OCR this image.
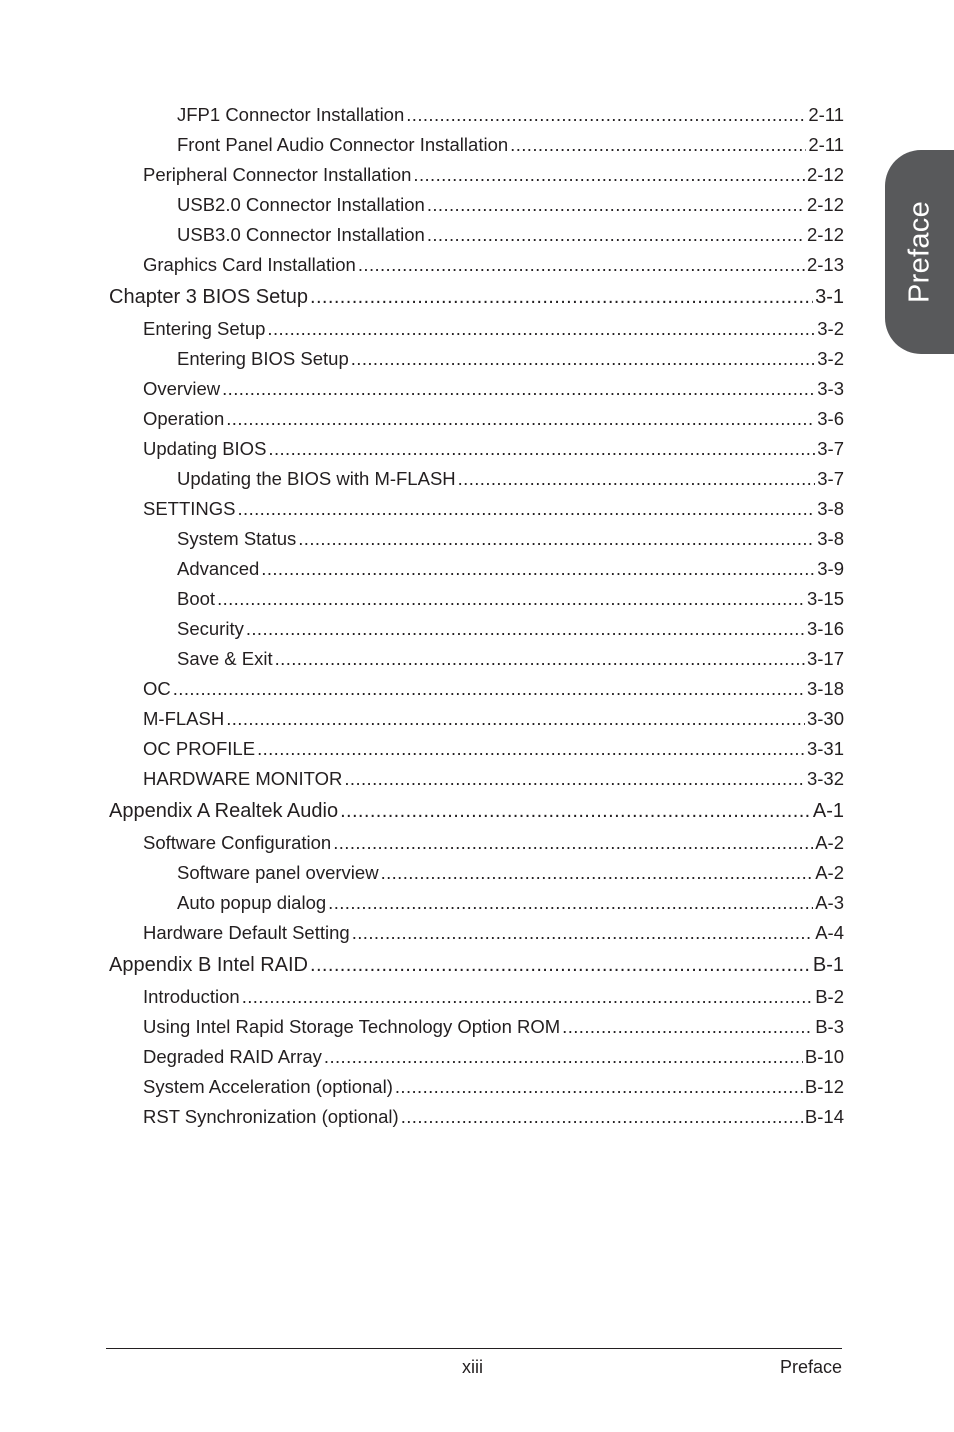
Preface
JFP1 Connector Installation .....	2-11
Front Panel Audio Connector Installation .....	2-11
Peripheral Connector Installation .....	2-12
USB2.0 Connector Installation .....	2-12
USB3.0 Connector Installation .....	2-12
Graphics Card Installation .....	2-13
Chapter 3 BIOS Setup .....	3-1
Entering Setup .....	3-2
Entering BIOS Setup .....	3-2
Overview .....	3-3
Operation .....	3-6
Updating BIOS .....	3-7
Updating the BIOS with M-FLASH .....	3-7
SETTINGS .....	3-8
System Status .....	3-8
Advanced .....	3-9
Boot .....	3-15
Security .....	3-16
Save & Exit .....	3-17
OC .....	3-18
M-FLASH .....	3-30
OC PROFILE .....	3-31
HARDWARE MONITOR .....	3-32
Appendix A Realtek Audio .....	A-1
Software Configuration .....	A-2
Software panel overview .....	A-2
Auto popup dialog .....	A-3
Hardware Default Setting .....	A-4
Appendix B Intel RAID .....	B-1
Introduction .....	B-2
Using Intel Rapid Storage Technology Option ROM .....	B-3
Degraded RAID Array .....	B-10
System Acceleration (optional) .....	B-12
RST Synchronization (optional) .....	B-14
xiii	Preface
